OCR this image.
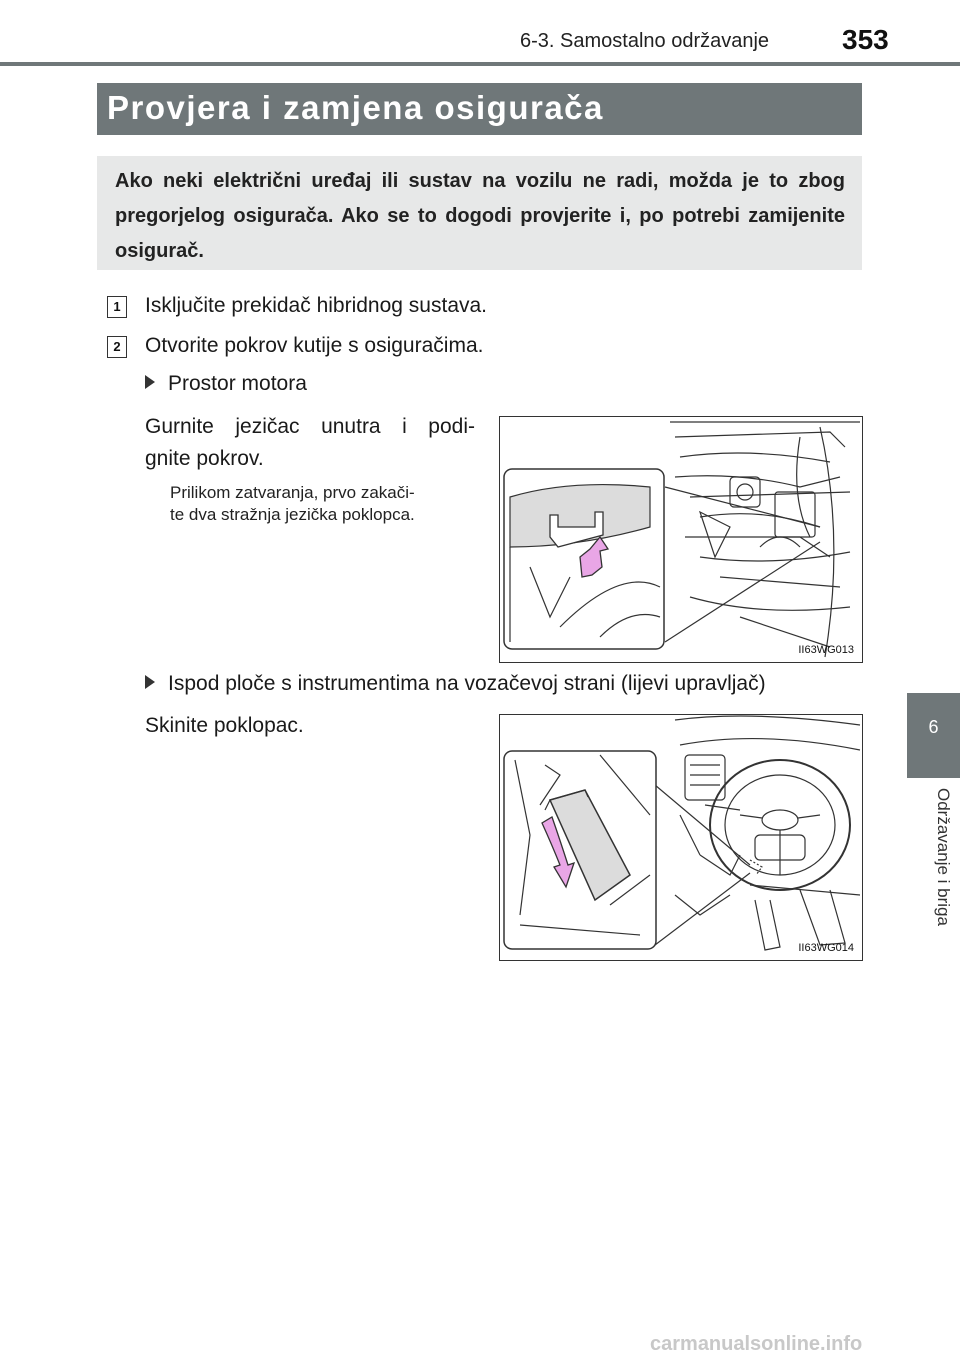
6-3. Samostalno održavanje	353
Provjera i zamjena osigurača
Ako neki električni uređaj ili sustav na vozilu ne radi, možda je to zbog pregorjelog osigurača. Ako se to dogodi provjerite i, po potrebi zamijenite osigurač.
1	Isključite prekidač hibridnog sustava.
2	Otvorite pokrov kutije s osiguračima.
Prostor motora
Gurnite jezičac unutra i podi-
gnite pokrov.
Prilikom zatvaranja, prvo zakači-
te dva stražnja jezička poklopca.
II63WG013
Ispod ploče s instrumentima na vozačevoj strani (lijevi upravljač)
Skinite poklopac.
II63WG014
6
Održavanje i briga
carmanualsonline.info
